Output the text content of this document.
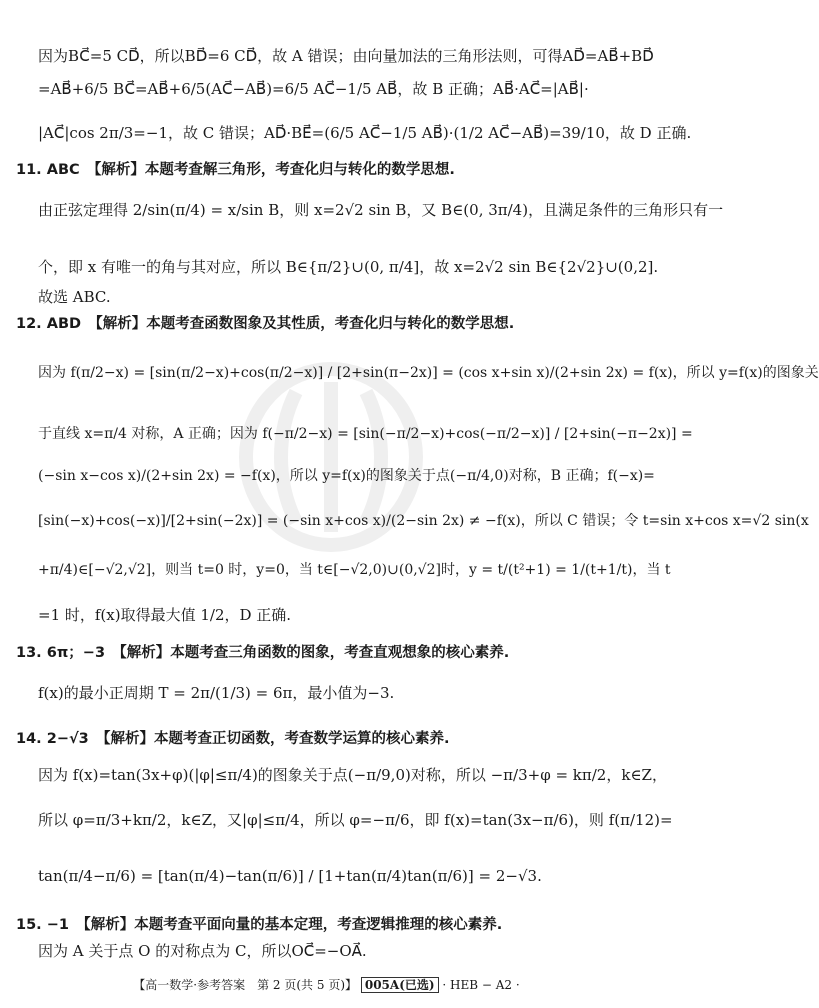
因为BC⃗=5 CD⃗，所以BD⃗=6 CD⃗，故 A 错误；由向量加法的三角形法则，可得AD⃗=AB⃗+BD⃗
=AB⃗+6/5 BC⃗=AB⃗+6/5(AC⃗−AB⃗)=6/5 AC⃗−1/5 AB⃗，故 B 正确；AB⃗·AC⃗=|AB⃗|·
|AC⃗|cos 2π/3=−1，故 C 错误；AD⃗·BE⃗=(6/5 AC⃗−1/5 AB⃗)·(1/2 AC⃗−AB⃗)=39/10，故 D 正确.
11. ABC　【解析】本题考查解三角形，考查化归与转化的数学思想.
由正弦定理得 2/sin(π/4) = x/sin B，则 x=2√2 sin B，又 B∈(0, 3π/4)，且满足条件的三角形只有一
个，即 x 有唯一的角与其对应，所以 B∈{π/2}∪(0, π/4]，故 x=2√2 sin B∈{2√2}∪(0,2].
故选 ABC.
12. ABD　【解析】本题考查函数图象及其性质，考查化归与转化的数学思想.
因为 f(π/2−x) = [sin(π/2−x)+cos(π/2−x)] / [2+sin(π−2x)] = (cos x+sin x)/(2+sin 2x) = f(x)，所以 y=f(x)的图象关
于直线 x=π/4 对称，A 正确；因为 f(−π/2−x) = [sin(−π/2−x)+cos(−π/2−x)] / [2+sin(−π−2x)] =
(−sin x−cos x)/(2+sin 2x) = −f(x)，所以 y=f(x)的图象关于点(−π/4,0)对称，B 正确；f(−x)=
[sin(−x)+cos(−x)]/[2+sin(−2x)] = (−sin x+cos x)/(2−sin 2x) ≠ −f(x)，所以 C 错误；令 t=sin x+cos x=√2 sin(x
+π/4)∈[−√2,√2]，则当 t=0 时，y=0，当 t∈[−√2,0)∪(0,√2]时，y = t/(t²+1) = 1/(t+1/t)，当 t
=1 时，f(x)取得最大值 1/2，D 正确.
13. 6π；−3　【解析】本题考查三角函数的图象，考查直观想象的核心素养.
f(x)的最小正周期 T = 2π/(1/3) = 6π，最小值为−3.
14. 2−√3　【解析】本题考查正切函数，考查数学运算的核心素养.
因为 f(x)=tan(3x+φ)(|φ|≤π/4)的图象关于点(−π/9,0)对称，所以 −π/3+φ = kπ/2，k∈Z，
所以 φ=π/3+kπ/2，k∈Z，又|φ|≤π/4，所以 φ=−π/6，即 f(x)=tan(3x−π/6)，则 f(π/12)=
tan(π/4−π/6) = [tan(π/4)−tan(π/6)] / [1+tan(π/4)tan(π/6)] = 2−√3.
15. −1　【解析】本题考查平面向量的基本定理，考查逻辑推理的核心素养.
因为 A 关于点 O 的对称点为 C，所以OC⃗=−OA⃗.
【高一数学·参考答案　第 2 页(共 5 页)】 005A(已选) · HEB − A2 ·
